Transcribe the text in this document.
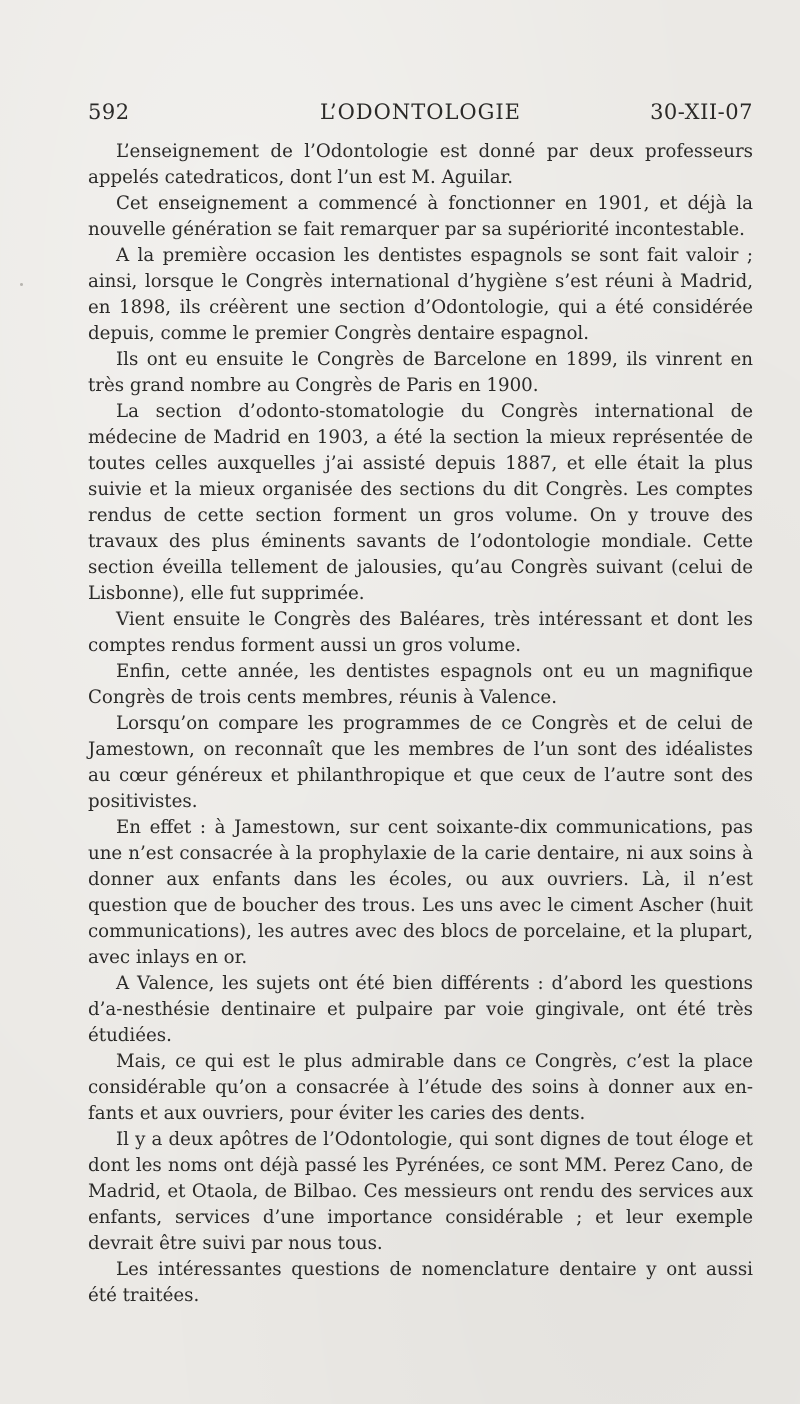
592	L’ODONTOLOGIE	30-XII-07

L’enseignement de l’Odontologie est donné par deux professeurs appelés catedraticos, dont l’un est M. Aguilar.

Cet enseignement a commencé à fonctionner en 1901, et déjà la nouvelle génération se fait remarquer par sa supériorité incontestable.

A la première occasion les dentistes espagnols se sont fait valoir ; ainsi, lorsque le Congrès international d’hygiène s’est réuni à Madrid, en 1898, ils créèrent une section d’Odontologie, qui a été considérée depuis, comme le premier Congrès dentaire espagnol.

Ils ont eu ensuite le Congrès de Barcelone en 1899, ils vinrent en très grand nombre au Congrès de Paris en 1900.

La section d’odonto-stomatologie du Congrès international de médecine de Madrid en 1903, a été la section la mieux représentée de toutes celles auxquelles j’ai assisté depuis 1887, et elle était la plus suivie et la mieux organisée des sections du dit Congrès. Les comptes rendus de cette section forment un gros volume. On y trouve des travaux des plus éminents savants de l’odontologie mondiale. Cette section éveilla tellement de jalousies, qu’au Congrès suivant (celui de Lisbonne), elle fut supprimée.

Vient ensuite le Congrès des Baléares, très intéressant et dont les comptes rendus forment aussi un gros volume.

Enfin, cette année, les dentistes espagnols ont eu un magnifique Congrès de trois cents membres, réunis à Valence.

Lorsqu’on compare les programmes de ce Congrès et de celui de Jamestown, on reconnaît que les membres de l’un sont des idéalistes au cœur généreux et philanthropique et que ceux de l’autre sont des positivistes.

En effet : à Jamestown, sur cent soixante-dix communications, pas une n’est consacrée à la prophylaxie de la carie dentaire, ni aux soins à donner aux enfants dans les écoles, ou aux ouvriers. Là, il n’est question que de boucher des trous. Les uns avec le ciment Ascher (huit communications), les autres avec des blocs de porcelaine, et la plupart, avec inlays en or.

A Valence, les sujets ont été bien différents : d’abord les questions d’a-nesthésie dentinaire et pulpaire par voie gingivale, ont été très étudiées.

Mais, ce qui est le plus admirable dans ce Congrès, c’est la place considérable qu’on a consacrée à l’étude des soins à donner aux en-fants et aux ouvriers, pour éviter les caries des dents.

Il y a deux apôtres de l’Odontologie, qui sont dignes de tout éloge et dont les noms ont déjà passé les Pyrénées, ce sont MM. Perez Cano, de Madrid, et Otaola, de Bilbao. Ces messieurs ont rendu des services aux enfants, services d’une importance considérable ; et leur exemple devrait être suivi par nous tous.

Les intéressantes questions de nomenclature dentaire y ont aussi été traitées.
